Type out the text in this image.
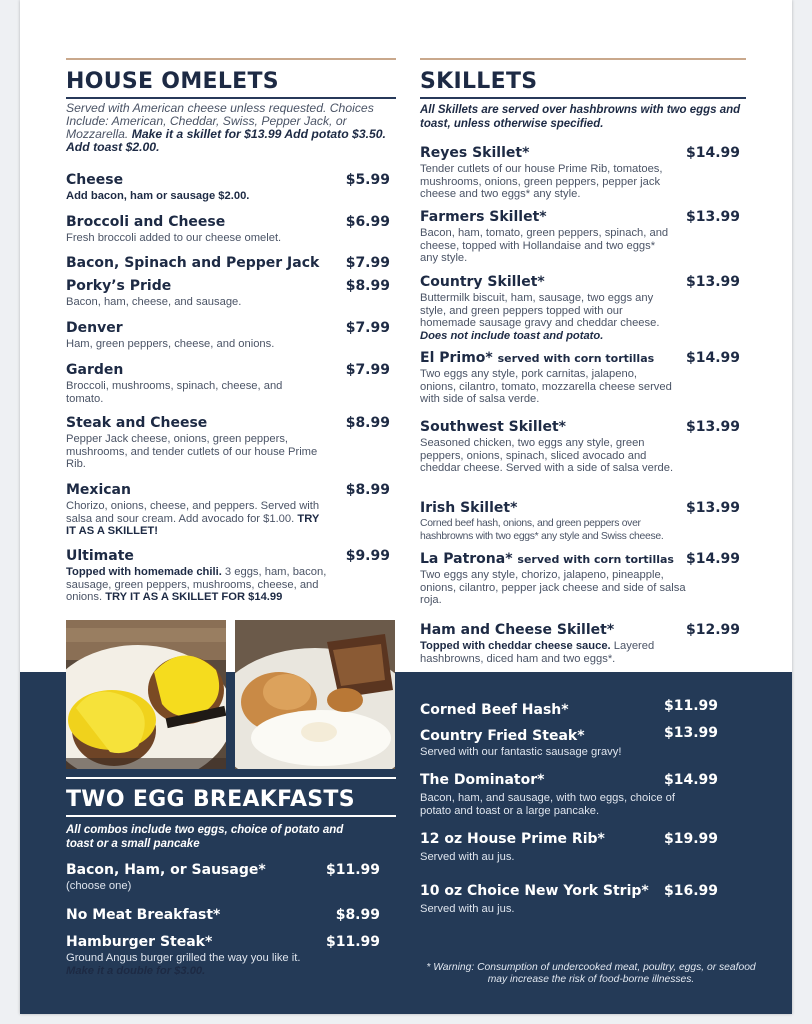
HOUSE OMELETS
Served with American cheese unless requested. Choices Include: American, Cheddar, Swiss, Pepper Jack, or Mozzarella. Make it a skillet for $13.99 Add potato $3.50. Add toast $2.00.
Cheese	$5.99
Add bacon, ham or sausage $2.00.
Broccoli and Cheese	$6.99
Fresh broccoli added to our cheese omelet.
Bacon, Spinach and Pepper Jack	$7.99
Porky’s Pride	$8.99
Bacon, ham, cheese, and sausage.
Denver	$7.99
Ham, green peppers, cheese, and onions.
Garden	$7.99
Broccoli, mushrooms, spinach, cheese, and tomato.
Steak and Cheese	$8.99
Pepper Jack cheese, onions, green peppers, mushrooms, and tender cutlets of our house Prime Rib.
Mexican	$8.99
Chorizo, onions, cheese, and peppers. Served with salsa and sour cream. Add avocado for $1.00. TRY IT AS A SKILLET!
Ultimate	$9.99
Topped with homemade chili. 3 eggs, ham, bacon, sausage, green peppers, mushrooms, cheese, and onions. TRY IT AS A SKILLET FOR $14.99
TWO EGG BREAKFASTS
All combos include two eggs, choice of potato and toast or a small pancake
Bacon, Ham, or Sausage*	$11.99
(choose one)
No Meat Breakfast*	$8.99
Hamburger Steak*	$11.99
Ground Angus burger grilled the way you like it.
Make it a double for $3.00.
SKILLETS
All Skillets are served over hashbrowns with two eggs and toast, unless otherwise specified.
Reyes Skillet*	$14.99
Tender cutlets of our house Prime Rib, tomatoes, mushrooms, onions, green peppers, pepper jack cheese and two eggs* any style.
Farmers Skillet*	$13.99
Bacon, ham, tomato, green peppers, spinach, and cheese, topped with Hollandaise and two eggs* any style.
Country Skillet*	$13.99
Buttermilk biscuit, ham, sausage, two eggs any style, and green peppers topped with our homemade sausage gravy and cheddar cheese. Does not include toast and potato.
El Primo* served with corn tortillas	$14.99
Two eggs any style, pork carnitas, jalapeno, onions, cilantro, tomato, mozzarella cheese served with side of salsa verde.
Southwest Skillet*	$13.99
Seasoned chicken, two eggs any style, green peppers, onions, spinach, sliced avocado and cheddar cheese. Served with a side of salsa verde.
Irish Skillet*	$13.99
Corned beef hash, onions, and green peppers over hashbrowns with two eggs* any style and Swiss cheese.
La Patrona* served with corn tortillas $14.99
Two eggs any style, chorizo, jalapeno, pineapple, onions, cilantro, pepper jack cheese and side of salsa roja.
Ham and Cheese Skillet*	$12.99
Topped with cheddar cheese sauce. Layered hashbrowns, diced ham and two eggs*.
Corned Beef Hash*	$11.99
Country Fried Steak*	$13.99
Served with our fantastic sausage gravy!
The Dominator*	$14.99
Bacon, ham, and sausage, with two eggs, choice of potato and toast or a large pancake.
12 oz House Prime Rib*	$19.99
Served with au jus.
10 oz Choice New York Strip*	$16.99
Served with au jus.
* Warning: Consumption of undercooked meat, poultry, eggs, or seafood may increase the risk of food-borne illnesses.
